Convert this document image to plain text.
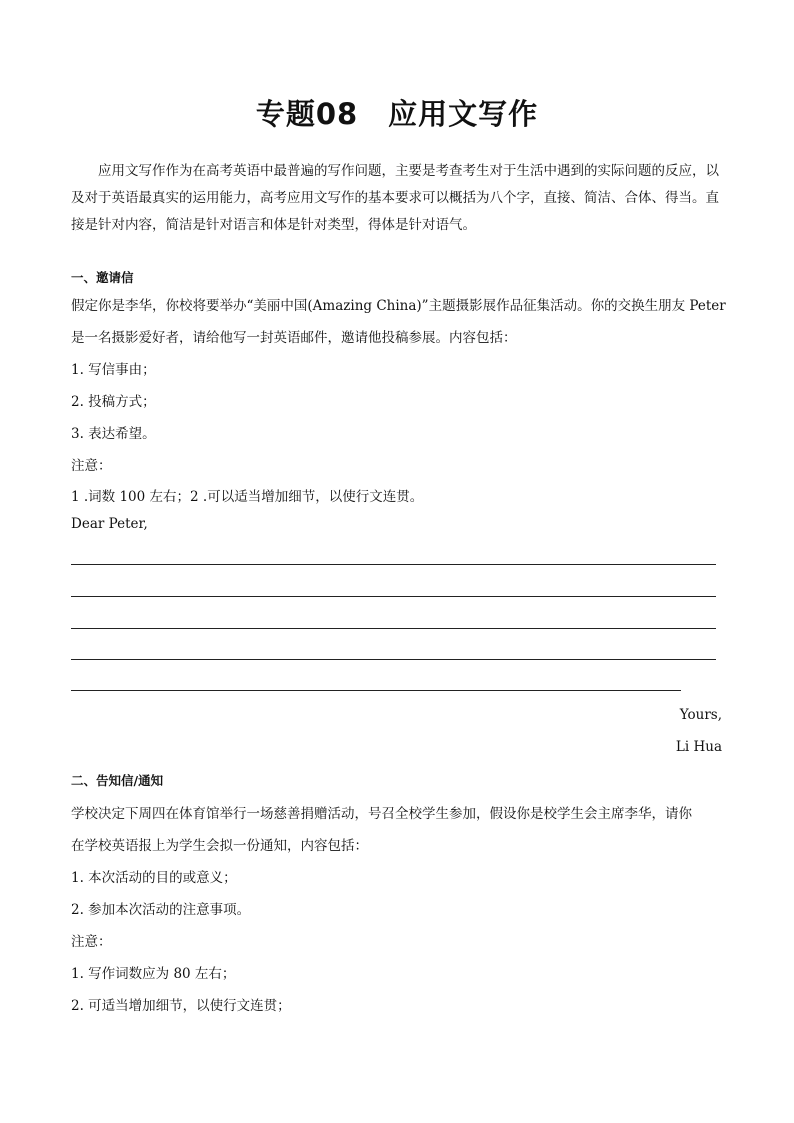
专题08　应用文写作

应用文写作作为在高考英语中最普遍的写作问题，主要是考查考生对于生活中遇到的实际问题的反应，以及对于英语最真实的运用能力，高考应用文写作的基本要求可以概括为八个字，直接、简洁、合体、得当。直接是针对内容，简洁是针对语言和体是针对类型，得体是针对语气。

一、邀请信

假定你是李华，你校将要举办“美丽中国(Amazing China)”主题摄影展作品征集活动。你的交换生朋友 Peter

是一名摄影爱好者，请给他写一封英语邮件，邀请他投稿参展。内容包括：

1. 写信事由；

2. 投稿方式；

3. 表达希望。

注意：

1 .词数 100 左右；2 .可以适当增加细节，以使行文连贯。

Dear Peter,

Yours,

Li Hua

二、告知信/通知

学校决定下周四在体育馆举行一场慈善捐赠活动，号召全校学生参加，假设你是校学生会主席李华，请你

在学校英语报上为学生会拟一份通知，内容包括：

1. 本次活动的目的或意义；

2. 参加本次活动的注意事项。

注意：

1. 写作词数应为 80 左右；

2. 可适当增加细节，以使行文连贯；
